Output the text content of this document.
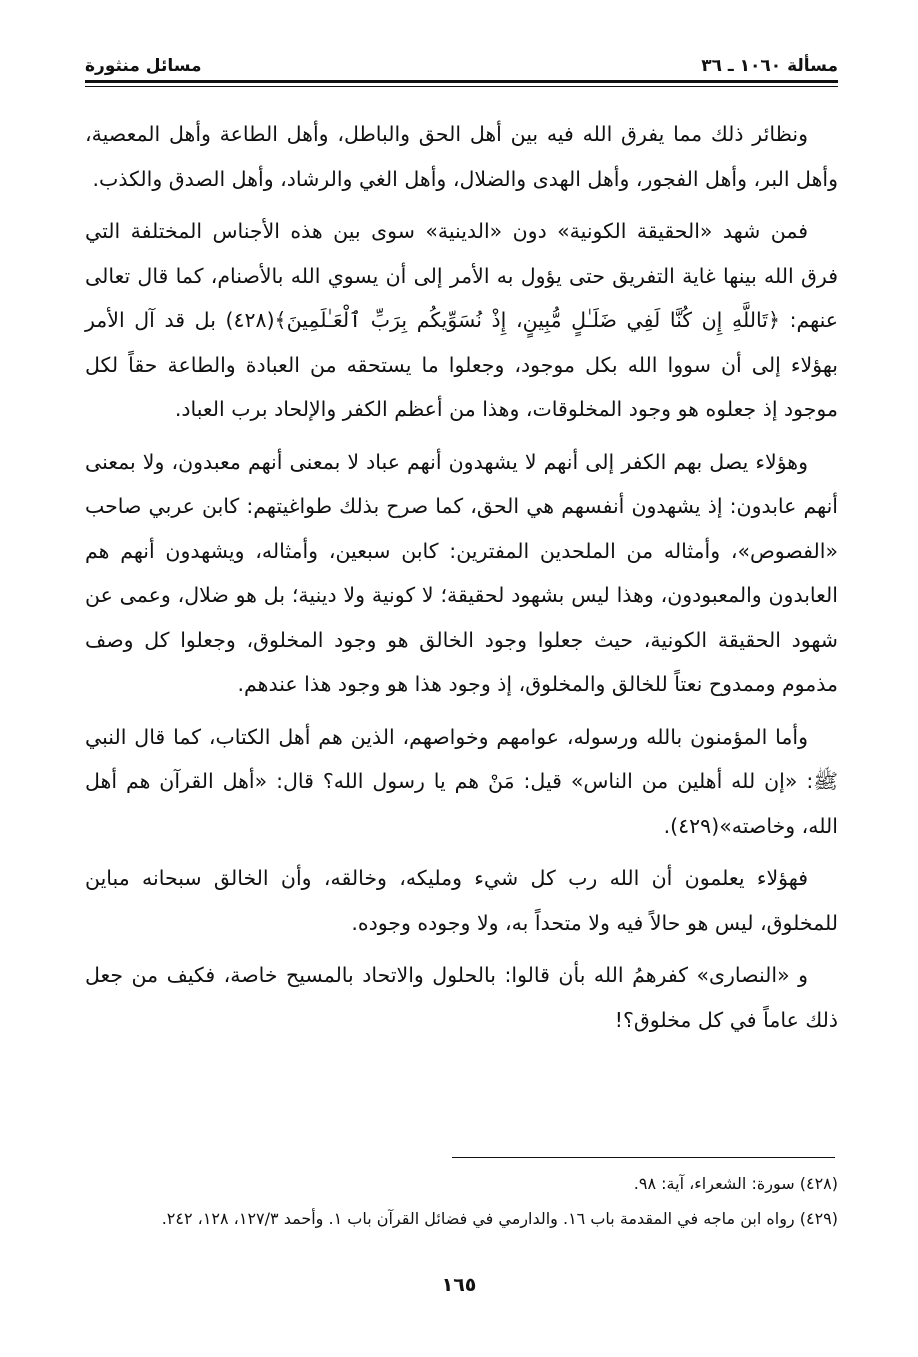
مسألة ١٠٦٠ ـ ٣٦
مسائل منثورة

ونظائر ذلك مما يفرق الله فيه بين أهل الحق والباطل، وأهل الطاعة وأهل المعصية، وأهل البر، وأهل الفجور، وأهل الهدى والضلال، وأهل الغي والرشاد، وأهل الصدق والكذب.

فمن شهد «الحقيقة الكونية» دون «الدينية» سوى بين هذه الأجناس المختلفة التي فرق الله بينها غاية التفريق حتى يؤول به الأمر إلى أن يسوي الله بالأصنام، كما قال تعالى عنهم: ﴿تَاللَّهِ إِن كُنَّا لَفِي ضَلَـٰلٍ مُّبِينٍ، إِذْ نُسَوِّيكُم بِرَبِّ ٱلْعَـٰلَمِينَ﴾(٤٢٨) بل قد آل الأمر بهؤلاء إلى أن سووا الله بكل موجود، وجعلوا ما يستحقه من العبادة والطاعة حقاً لكل موجود إذ جعلوه هو وجود المخلوقات، وهذا من أعظم الكفر والإلحاد برب العباد.

وهؤلاء يصل بهم الكفر إلى أنهم لا يشهدون أنهم عباد لا بمعنى أنهم معبدون، ولا بمعنى أنهم عابدون: إذ يشهدون أنفسهم هي الحق، كما صرح بذلك طواغيتهم: كابن عربي صاحب «الفصوص»، وأمثاله من الملحدين المفترين: كابن سبعين، وأمثاله، ويشهدون أنهم هم العابدون والمعبودون، وهذا ليس بشهود لحقيقة؛ لا كونية ولا دينية؛ بل هو ضلال، وعمى عن شهود الحقيقة الكونية، حيث جعلوا وجود الخالق هو وجود المخلوق، وجعلوا كل وصف مذموم وممدوح نعتاً للخالق والمخلوق، إذ وجود هذا هو وجود هذا عندهم.

وأما المؤمنون بالله ورسوله، عوامهم وخواصهم، الذين هم أهل الكتاب، كما قال النبي ﷺ: «إن لله أهلين من الناس» قيل: مَنْ هم يا رسول الله؟ قال: «أهل القرآن هم أهل الله، وخاصته»(٤٢٩).

فهؤلاء يعلمون أن الله رب كل شيء ومليكه، وخالقه، وأن الخالق سبحانه مباين للمخلوق، ليس هو حالاً فيه ولا متحداً به، ولا وجوده وجوده.

و «النصارى» كفرهمُ الله بأن قالوا: بالحلول والاتحاد بالمسيح خاصة، فكيف من جعل ذلك عاماً في كل مخلوق؟!

(٤٢٨) سورة: الشعراء، آية: ٩٨.

(٤٢٩) رواه ابن ماجه في المقدمة باب ١٦. والدارمي في فضائل القرآن باب ١. وأحمد ١٢٧/٣، ١٢٨، ٢٤٢.

١٦٥
